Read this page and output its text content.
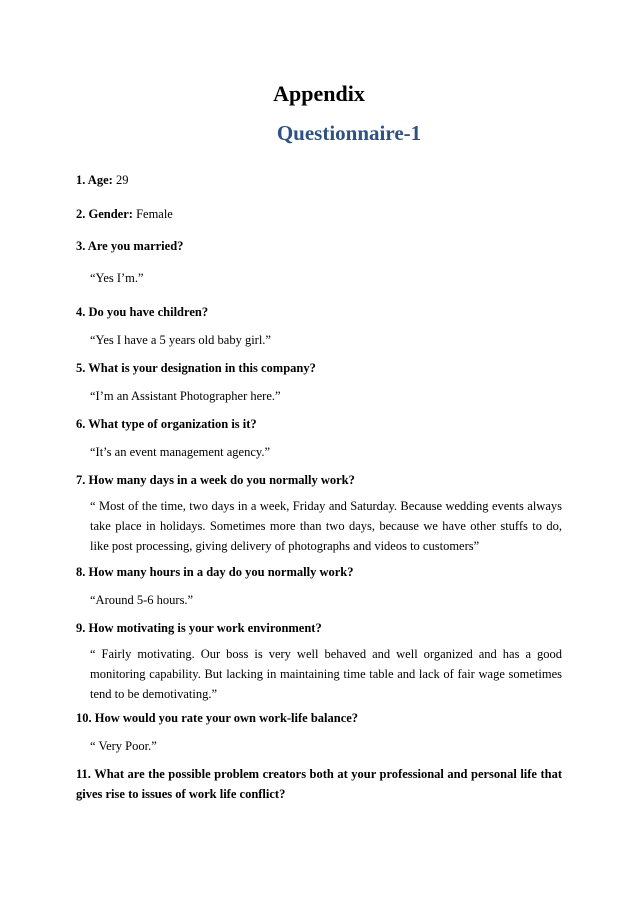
Appendix
Questionnaire-1

1. Age: 29

2. Gender: Female

3. Are you married?

“Yes I’m.”

4. Do you have children?

“Yes I have a 5 years old baby girl.”

5. What is your designation in this company?

“I’m an Assistant Photographer here.”

6. What type of organization is it?

“It’s an event management agency.”

7. How many days in a week do you normally work?

“ Most of the time, two days in a week, Friday and Saturday. Because wedding events always take place in holidays. Sometimes more than two days, because we have other stuffs to do, like post processing, giving delivery of photographs and videos to customers”

8. How many hours in a day do you normally work?

“Around 5-6 hours.”

9. How motivating is your work environment?

“ Fairly motivating. Our boss is very well behaved and well organized and has a good monitoring capability. But lacking in maintaining time table and lack of fair wage sometimes tend to be demotivating.”

10. How would you rate your own work-life balance?

“ Very Poor.”

11. What are the possible problem creators both at your professional and personal life that gives rise to issues of work life conflict?
